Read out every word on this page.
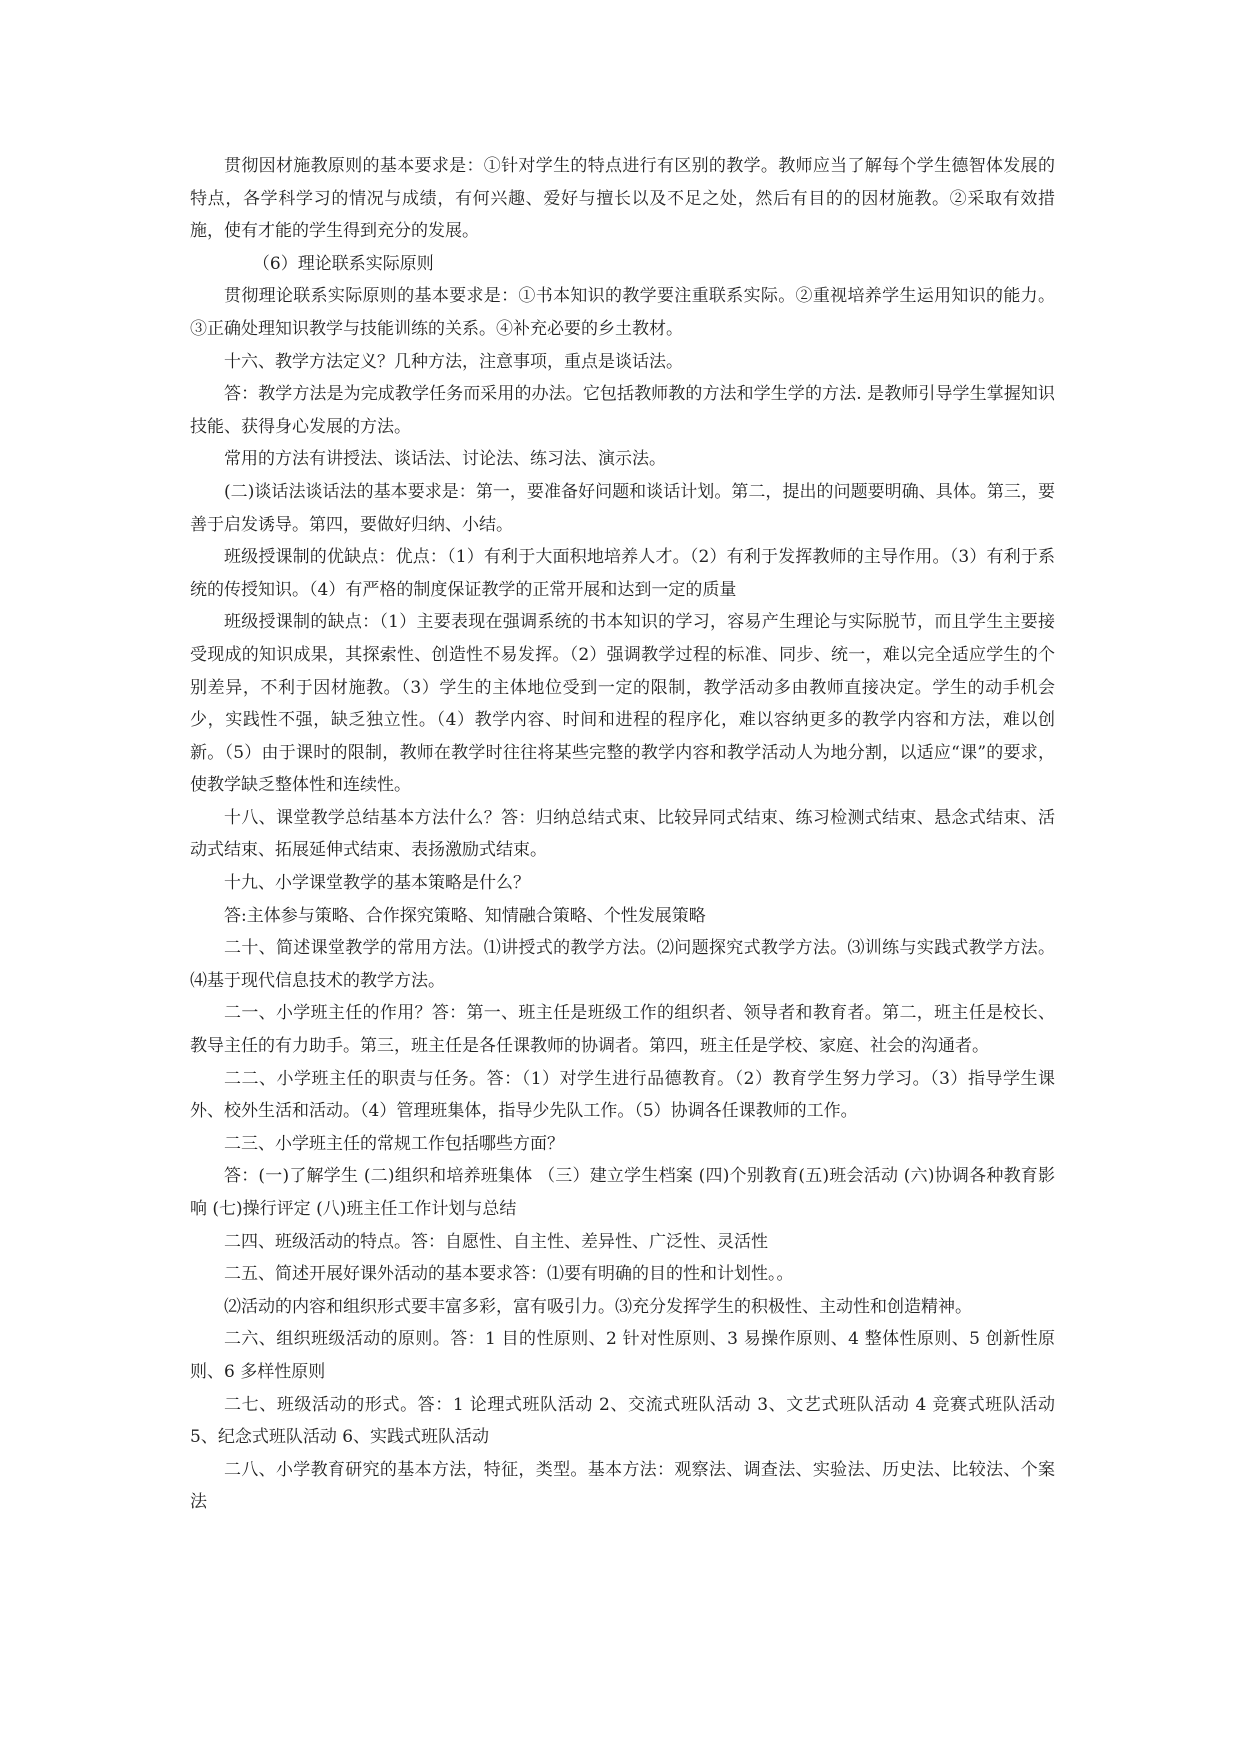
贯彻因材施教原则的基本要求是：①针对学生的特点进行有区别的教学。教师应当了解每个学生德智体发展的特点，各学科学习的情况与成绩，有何兴趣、爱好与擅长以及不足之处，然后有目的的因材施教。②采取有效措施，使有才能的学生得到充分的发展。

（6）理论联系实际原则

贯彻理论联系实际原则的基本要求是：①书本知识的教学要注重联系实际。②重视培养学生运用知识的能力。③正确处理知识教学与技能训练的关系。④补充必要的乡土教材。

十六、教学方法定义？几种方法，注意事项，重点是谈话法。

答：教学方法是为完成教学任务而采用的办法。它包括教师教的方法和学生学的方法. 是教师引导学生掌握知识技能、获得身心发展的方法。

常用的方法有讲授法、谈话法、讨论法、练习法、演示法。

(二)谈话法谈话法的基本要求是：第一，要准备好问题和谈话计划。第二，提出的问题要明确、具体。第三，要善于启发诱导。第四，要做好归纳、小结。

班级授课制的优缺点：优点：（1）有利于大面积地培养人才。（2）有利于发挥教师的主导作用。（3）有利于系统的传授知识。（4）有严格的制度保证教学的正常开展和达到一定的质量

班级授课制的缺点：（1）主要表现在强调系统的书本知识的学习，容易产生理论与实际脱节，而且学生主要接受现成的知识成果，其探索性、创造性不易发挥。（2）强调教学过程的标准、同步、统一，难以完全适应学生的个别差异，不利于因材施教。（3）学生的主体地位受到一定的限制，教学活动多由教师直接决定。学生的动手机会少，实践性不强，缺乏独立性。（4）教学内容、时间和进程的程序化，难以容纳更多的教学内容和方法，难以创新。（5）由于课时的限制，教师在教学时往往将某些完整的教学内容和教学活动人为地分割，以适应“课”的要求，使教学缺乏整体性和连续性。

十八、课堂教学总结基本方法什么？答：归纳总结式束、比较异同式结束、练习检测式结束、悬念式结束、活动式结束、拓展延伸式结束、表扬激励式结束。

十九、小学课堂教学的基本策略是什么？

答:主体参与策略、合作探究策略、知情融合策略、个性发展策略

二十、简述课堂教学的常用方法。⑴讲授式的教学方法。⑵问题探究式教学方法。⑶训练与实践式教学方法。 ⑷基于现代信息技术的教学方法。

二一、小学班主任的作用？答：第一、班主任是班级工作的组织者、领导者和教育者。第二，班主任是校长、教导主任的有力助手。第三，班主任是各任课教师的协调者。第四，班主任是学校、家庭、社会的沟通者。

二二、小学班主任的职责与任务。答：（1）对学生进行品德教育。（2）教育学生努力学习。（3）指导学生课外、校外生活和活动。（4）管理班集体，指导少先队工作。（5）协调各任课教师的工作。

二三、小学班主任的常规工作包括哪些方面？

答：(一)了解学生 (二)组织和培养班集体 （三）建立学生档案 (四)个别教育(五)班会活动 (六)协调各种教育影响 (七)操行评定 (八)班主任工作计划与总结

二四、班级活动的特点。答：自愿性、自主性、差异性、广泛性、灵活性

二五、简述开展好课外活动的基本要求答：⑴要有明确的目的性和计划性。。

⑵活动的内容和组织形式要丰富多彩，富有吸引力。⑶充分发挥学生的积极性、主动性和创造精神。

二六、组织班级活动的原则。答：1 目的性原则、2 针对性原则、3 易操作原则、4 整体性原则、5 创新性原则、6 多样性原则

二七、班级活动的形式。答：1 论理式班队活动 2、交流式班队活动 3、文艺式班队活动 4 竞赛式班队活动 5、纪念式班队活动 6、实践式班队活动

二八、小学教育研究的基本方法，特征，类型。基本方法：观察法、调查法、实验法、历史法、比较法、个案法
